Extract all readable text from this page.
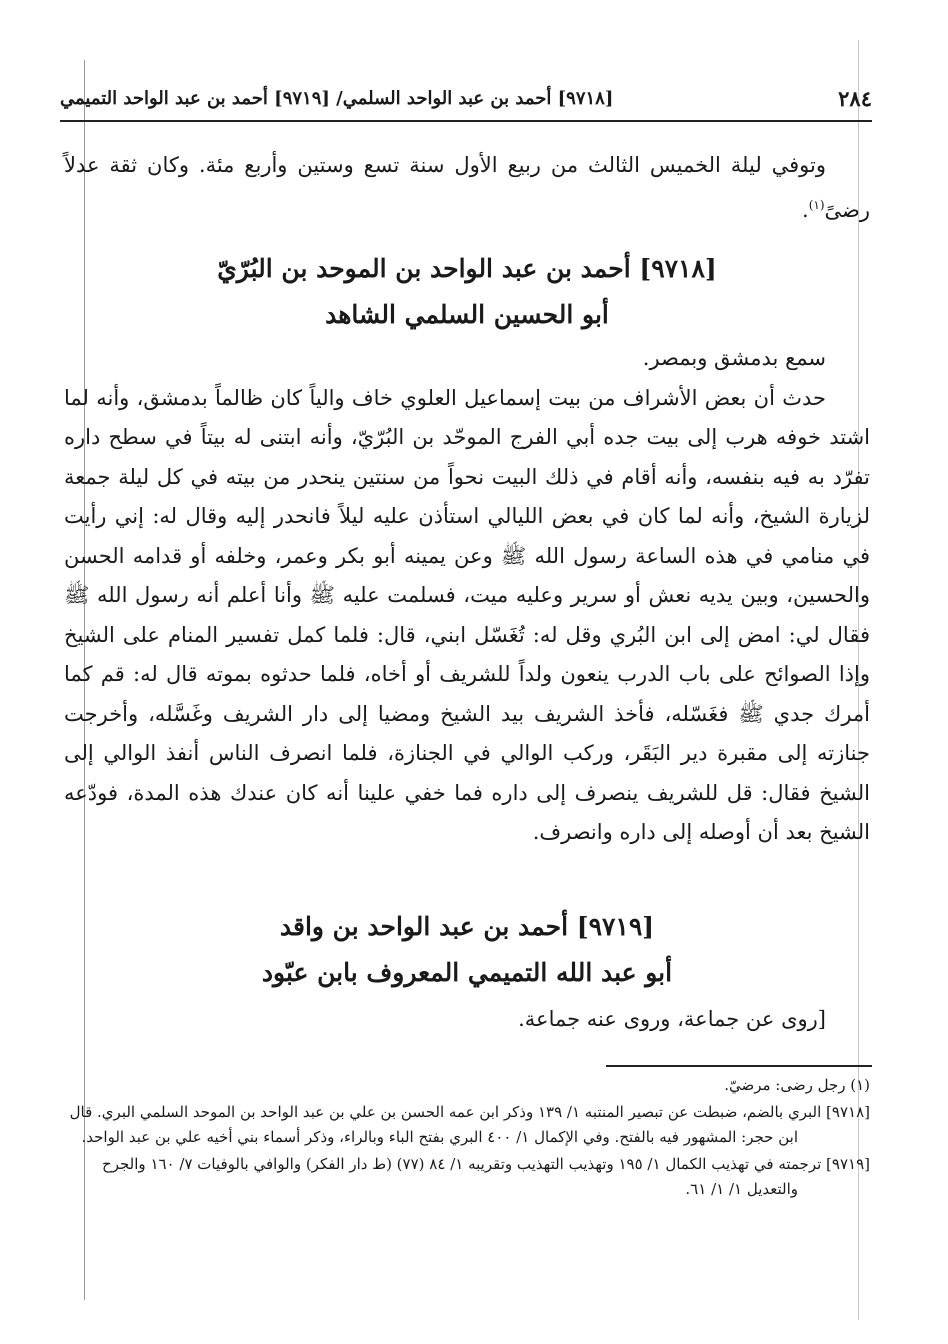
٢٨٤
[٩٧١٨] أحمد بن عبد الواحد السلمي/ [٩٧١٩] أحمد بن عبد الواحد التميمي

وتوفي ليلة الخميس الثالث من ربيع الأول سنة تسع وستين وأربع مئة. وكان ثقة عدلاً رضىً$^{(١)}$.

[٩٧١٨] أحمد بن عبد الواحد بن الموحد بن البُرّيّ
أبو الحسين السلمي الشاهد

سمع بدمشق وبمصر.

حدث أن بعض الأشراف من بيت إسماعيل العلوي خاف والياً كان ظالماً بدمشق، وأنه لما اشتد خوفه هرب إلى بيت جده أبي الفرج الموحّد بن البُرّيّ، وأنه ابتنى له بيتاً في سطح داره تفرّد به فيه بنفسه، وأنه أقام في ذلك البيت نحواً من سنتين ينحدر من بيته في كل ليلة جمعة لزيارة الشيخ، وأنه لما كان في بعض الليالي استأذن عليه ليلاً فانحدر إليه وقال له: إني رأيت في منامي في هذه الساعة رسول الله ﷺ وعن يمينه أبو بكر وعمر، وخلفه أو قدامه الحسن والحسين، وبين يديه نعش أو سرير وعليه ميت، فسلمت عليه ﷺ وأنا أعلم أنه رسول الله ﷺ فقال لي: امض إلى ابن البُري وقل له: تُغَسّل ابني، قال: فلما كمل تفسير المنام على الشيخ وإذا الصوائح على باب الدرب ينعون ولداً للشريف أو أخاه، فلما حدثوه بموته قال له: قم كما أمرك جدي ﷺ فغَسّله، فأخذ الشريف بيد الشيخ ومضيا إلى دار الشريف وغَسَّله، وأخرجت جنازته إلى مقبرة دير البَقَر، وركب الوالي في الجنازة، فلما انصرف الناس أنفذ الوالي إلى الشيخ فقال: قل للشريف ينصرف إلى داره فما خفي علينا أنه كان عندك هذه المدة، فودّعه الشيخ بعد أن أوصله إلى داره وانصرف.

[٩٧١٩] أحمد بن عبد الواحد بن واقد
أبو عبد الله التميمي المعروف بابن عبّود

[روى عن جماعة، وروى عنه جماعة.

(١) رجل رضى: مرضيّ.

[٩٧١٨] البري بالضم، ضبطت عن تبصير المنتبه ١/ ١٣٩ وذكر ابن عمه الحسن بن علي بن عبد الواحد بن الموحد السلمي البري. قال ابن حجر: المشهور فيه بالفتح. وفي الإكمال ١/ ٤٠٠ البري بفتح الباء وبالراء، وذكر أسماء بني أخيه علي بن عبد الواحد.

[٩٧١٩] ترجمته في تهذيب الكمال ١/ ١٩٥ وتهذيب التهذيب وتقريبه ١/ ٨٤ (٧٧) (ط دار الفكر) والوافي بالوفيات ٧/ ١٦٠ والجرح والتعديل ١/ ١/ ٦١.
